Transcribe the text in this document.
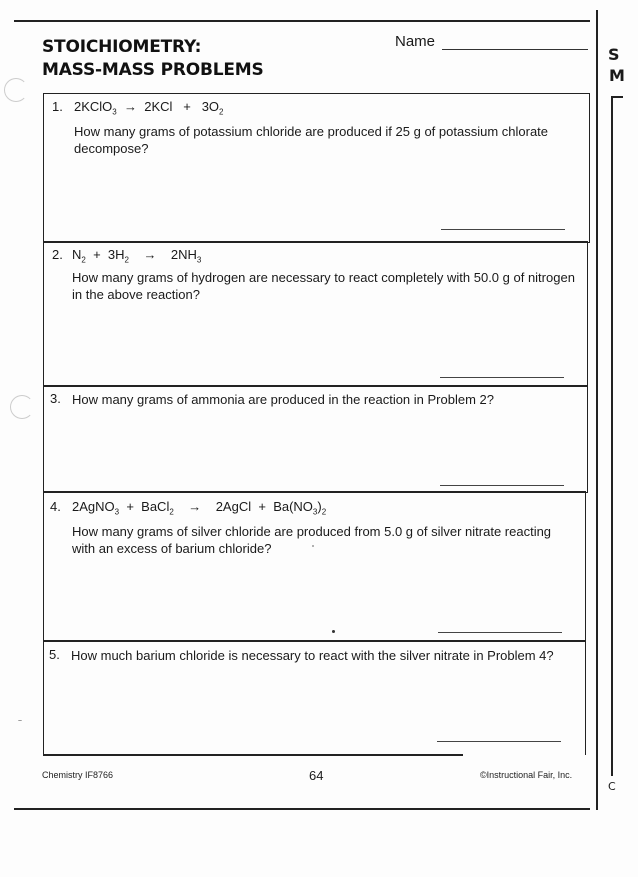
S
M
C
STOICHIOMETRY:
MASS-MASS PROBLEMS
Name
1. 2KClO$_3$ → $2KCl + 3O_2$
How many grams of potassium chloride are produced if 25 g of potassium chlorate decompose?
2. $N_2 + 3H_2 \to 2NH_3$
How many grams of hydrogen are necessary to react completely with 50.0 g of nitrogen in the above reaction?
3. How many grams of ammonia are produced in the reaction in Problem 2?
4. 2AgNO$_3$ + BaCl$_2$ → 2AgCl + $Ba(NO_3)_2$
How many grams of silver chloride are produced from 5.0 g of silver nitrate reacting with an excess of barium chloride?
5. How much barium chloride is necessary to react with the silver nitrate in Problem 4?
Chemistry IF8766	64	©Instructional Fair, Inc.
